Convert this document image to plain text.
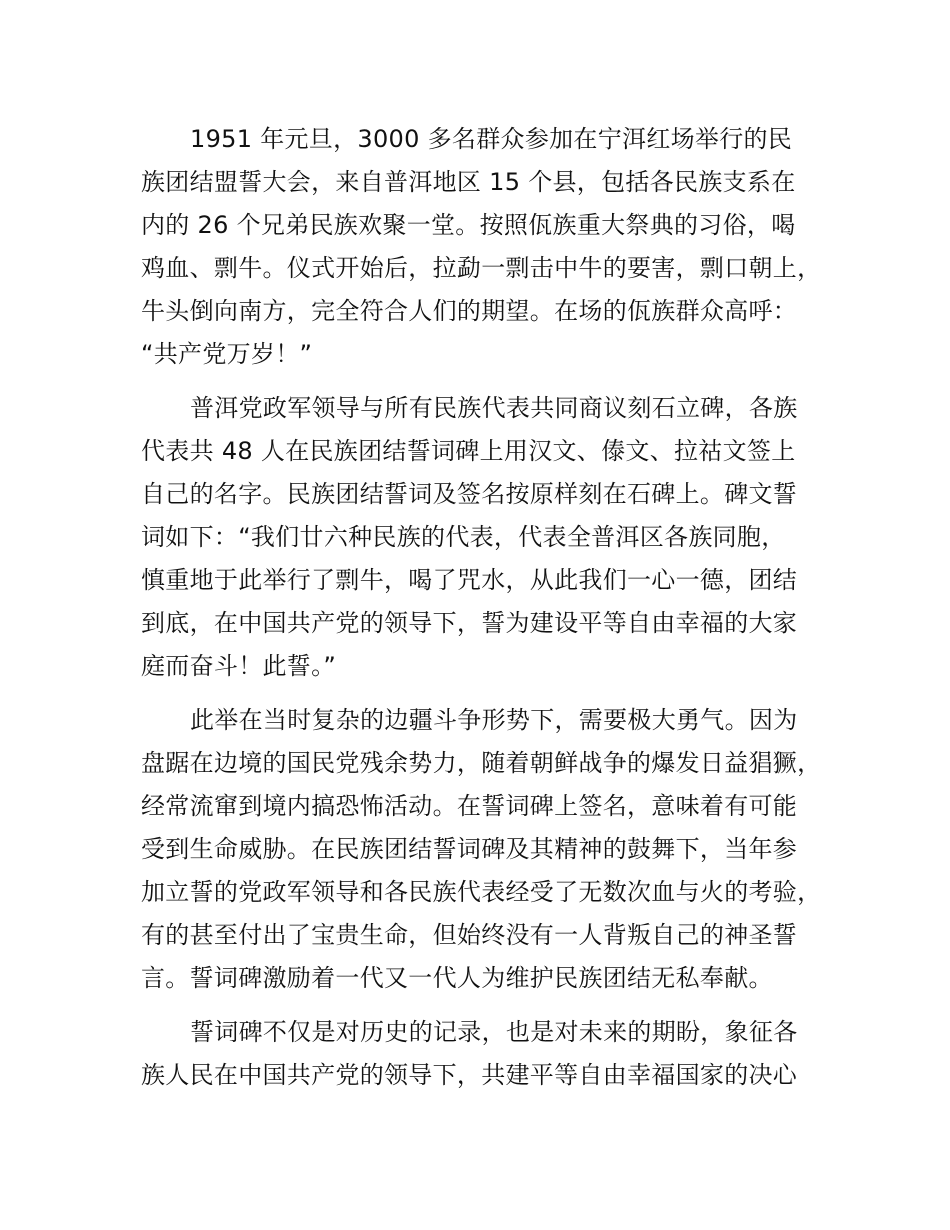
1951 年元旦，3000 多名群众参加在宁洱红场举行的民
族团结盟誓大会，来自普洱地区 15 个县，包括各民族支系在
内的 26 个兄弟民族欢聚一堂。按照佤族重大祭典的习俗，喝
鸡血、剽牛。仪式开始后，拉勐一剽击中牛的要害，剽口朝上，
牛头倒向南方，完全符合人们的期望。在场的佤族群众高呼：
“共产党万岁！”
普洱党政军领导与所有民族代表共同商议刻石立碑，各族
代表共 48 人在民族团结誓词碑上用汉文、傣文、拉祜文签上
自己的名字。民族团结誓词及签名按原样刻在石碑上。碑文誓
词如下：“我们廿六种民族的代表，代表全普洱区各族同胞，
慎重地于此举行了剽牛，喝了咒水，从此我们一心一德，团结
到底，在中国共产党的领导下，誓为建设平等自由幸福的大家
庭而奋斗！此誓。”
此举在当时复杂的边疆斗争形势下，需要极大勇气。因为
盘踞在边境的国民党残余势力，随着朝鲜战争的爆发日益猖獗，
经常流窜到境内搞恐怖活动。在誓词碑上签名，意味着有可能
受到生命威胁。在民族团结誓词碑及其精神的鼓舞下，当年参
加立誓的党政军领导和各民族代表经受了无数次血与火的考验，
有的甚至付出了宝贵生命，但始终没有一人背叛自己的神圣誓
言。誓词碑激励着一代又一代人为维护民族团结无私奉献。
誓词碑不仅是对历史的记录，也是对未来的期盼，象征各
族人民在中国共产党的领导下，共建平等自由幸福国家的决心
